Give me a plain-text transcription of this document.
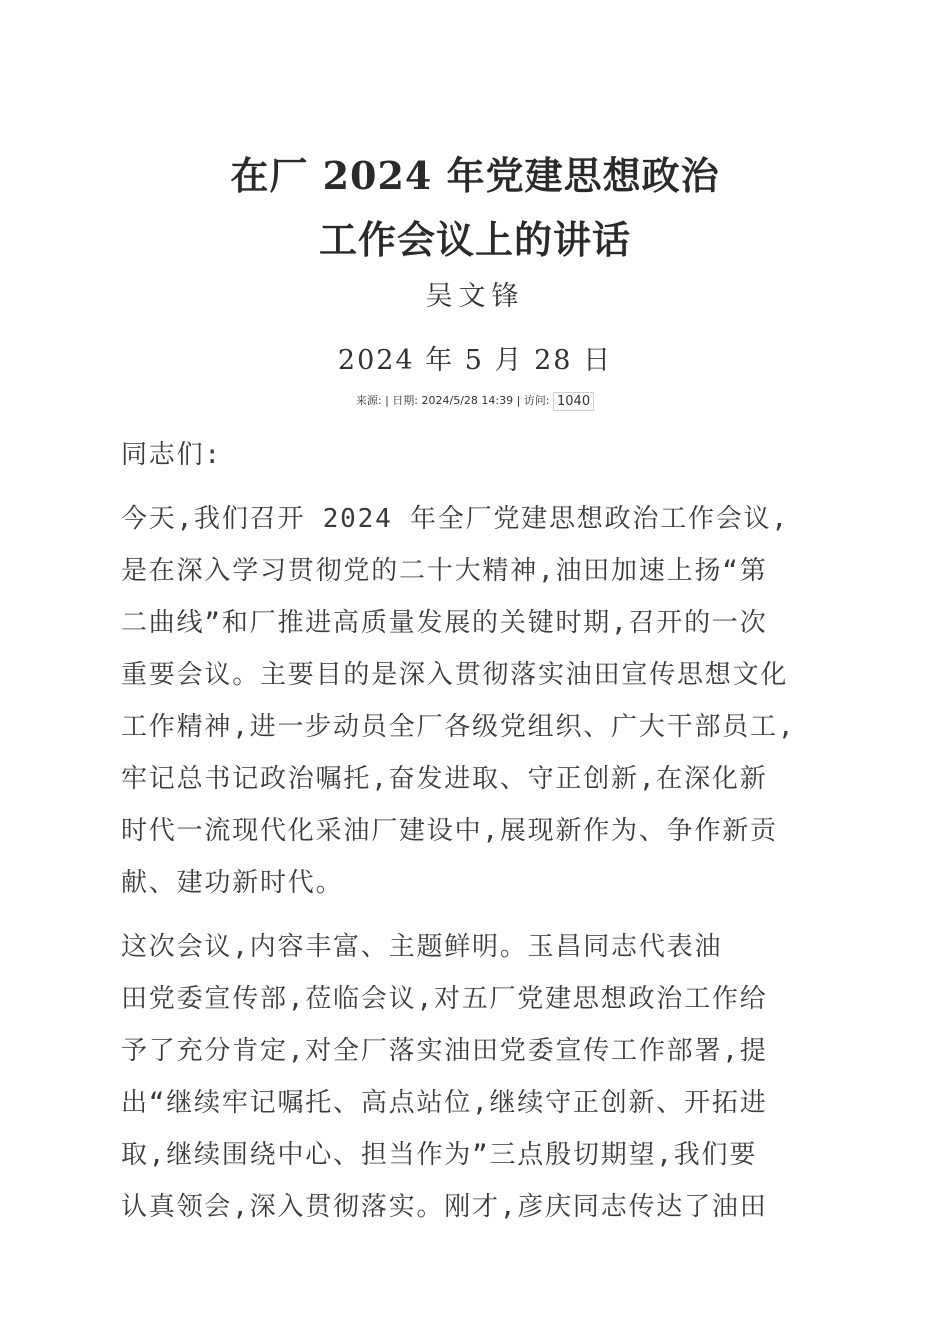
在厂 2024 年党建思想政治
工作会议上的讲话
吴文锋
2024 年 5 月 28 日
来源: | 日期: 2024/5/28 14:39 | 访问: 1040
同志们:
今天,我们召开 2024 年全厂党建思想政治工作会议,
是在深入学习贯彻党的二十大精神,油田加速上扬“第
二曲线”和厂推进高质量发展的关键时期,召开的一次
重要会议。主要目的是深入贯彻落实油田宣传思想文化
工作精神,进一步动员全厂各级党组织、广大干部员工,
牢记总书记政治嘱托,奋发进取、守正创新,在深化新
时代一流现代化采油厂建设中,展现新作为、争作新贡
献、建功新时代。
这次会议,内容丰富、主题鲜明。玉昌同志代表油
田党委宣传部,莅临会议,对五厂党建思想政治工作给
予了充分肯定,对全厂落实油田党委宣传工作部署,提
出“继续牢记嘱托、高点站位,继续守正创新、开拓进
取,继续围绕中心、担当作为”三点殷切期望,我们要
认真领会,深入贯彻落实。刚才,彦庆同志传达了油田
